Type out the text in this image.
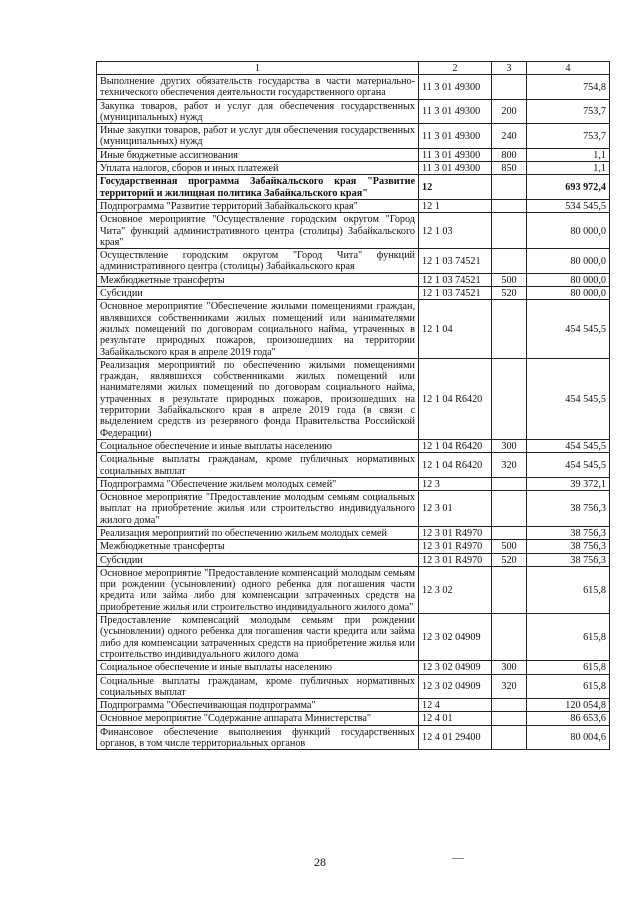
1	2	3	4
Выполнение других обязательств государства в части материально-технического обеспечения деятельности государственного органа	11 3 01 49300		754,8
Закупка товаров, работ и услуг для обеспечения государственных (муниципальных) нужд	11 3 01 49300	200	753,7
Иные закупки товаров, работ и услуг для обеспечения государственных (муниципальных) нужд	11 3 01 49300	240	753,7
Иные бюджетные ассигнования	11 3 01 49300	800	1,1
Уплата налогов, сборов и иных платежей	11 3 01 49300	850	1,1
Государственная программа Забайкальского края "Развитие территорий и жилищная политика Забайкальского края"	12		693 972,4
Подпрограмма "Развитие территорий Забайкальского края"	12 1		534 545,5
Основное мероприятие "Осуществление городским округом "Город Чита" функций административного центра (столицы) Забайкальского края"	12 1 03		80 000,0
Осуществление городским округом "Город Чита" функций административного центра (столицы) Забайкальского края	12 1 03 74521		80 000,0
Межбюджетные трансферты	12 1 03 74521	500	80 000,0
Субсидии	12 1 03 74521	520	80 000,0
Основное мероприятие "Обеспечение жилыми помещениями граждан, являвшихся собственниками жилых помещений или нанимателями жилых помещений по договорам социального найма, утраченных в результате природных пожаров, произошедших на территории Забайкальского края в апреле 2019 года"	12 1 04		454 545,5
Реализация мероприятий по обеспечению жилыми помещениями граждан, являвшихся собственниками жилых помещений или нанимателями жилых помещений по договорам социального найма, утраченных в результате природных пожаров, произошедших на территории Забайкальского края в апреле 2019 года (в связи с выделением средств из резервного фонда Правительства Российской Федерации)	12 1 04 R6420		454 545,5
Социальное обеспечение и иные выплаты населению	12 1 04 R6420	300	454 545,5
Социальные выплаты гражданам, кроме публичных нормативных социальных выплат	12 1 04 R6420	320	454 545,5
Подпрограмма "Обеспечение жильем молодых семей"	12 3		39 372,1
Основное мероприятие "Предоставление молодым семьям социальных выплат на приобретение жилья или строительство индивидуального жилого дома"	12 3 01		38 756,3
Реализация мероприятий по обеспечению жильем молодых семей	12 3 01 R4970		38 756,3
Межбюджетные трансферты	12 3 01 R4970	500	38 756,3
Субсидии	12 3 01 R4970	520	38 756,3
Основное мероприятие "Предоставление компенсаций молодым семьям при рождении (усыновлении) одного ребенка для погашения части кредита или займа либо для компенсации затраченных средств на приобретение жилья или строительство индивидуального жилого дома"	12 3 02		615,8
Предоставление компенсаций молодым семьям при рождении (усыновлении) одного ребенка для погашения части кредита или займа либо для компенсации затраченных средств на приобретение жилья или строительство индивидуального жилого дома	12 3 02 04909		615,8
Социальное обеспечение и иные выплаты населению	12 3 02 04909	300	615,8
Социальные выплаты гражданам, кроме публичных нормативных социальных выплат	12 3 02 04909	320	615,8
Подпрограмма "Обеспечивающая подпрограмма"	12 4		120 054,8
Основное мероприятие "Содержание аппарата Министерства"	12 4 01		86 653,6
Финансовое обеспечение выполнения функций государственных органов, в том числе территориальных органов	12 4 01 29400		80 004,6
28
